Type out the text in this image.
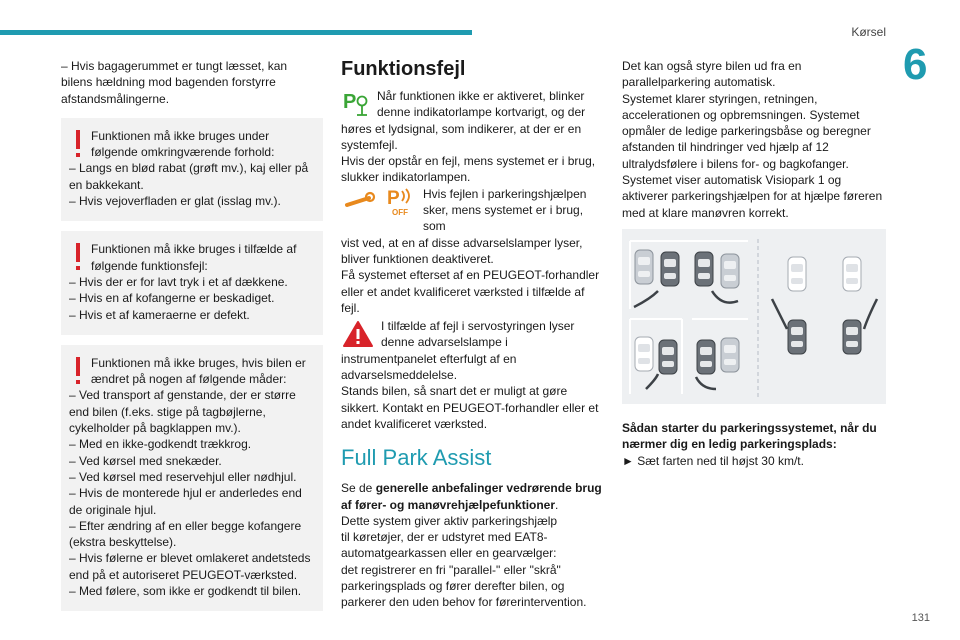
Kørsel
6
131

– Hvis bagagerummet er tungt læsset, kan

bilens hældning mod bagenden forstyrre

afstandsmålingerne.

Funktionen må ikke bruges under

følgende omkringværende forhold:

– Langs en blød rabat (grøft mv.), kaj eller på

en bakkekant.

– Hvis vejoverfladen er glat (isslag mv.).

Funktionen må ikke bruges i tilfælde af

følgende funktionsfejl:

– Hvis der er for lavt tryk i et af dækkene.

– Hvis en af kofangerne er beskadiget.

– Hvis et af kameraerne er defekt.

Funktionen må ikke bruges, hvis bilen er

ændret på nogen af følgende måder:

– Ved transport af genstande, der er større

end bilen (f.eks. stige på tagbøjlerne,

cykelholder på bagklappen mv.).

– Med en ikke-godkendt trækkrog.

– Ved kørsel med snekæder.

– Ved kørsel med reservehjul eller nødhjul.

– Hvis de monterede hjul er anderledes end

de originale hjul.

– Efter ændring af en eller begge kofangere

(ekstra beskyttelse).

– Hvis følerne er blevet omlakeret andetsteds

end på et autoriseret PEUGEOT-værksted.

– Med følere, som ikke er godkendt til bilen.

Funktionsfejl
P Når funktionen ikke er aktiveret, blinker

denne indikatorlampe kortvarigt, og der

høres et lydsignal, som indikerer, at der er en

systemfejl.

Hvis der opstår en fejl, mens systemet er i brug,

slukker indikatorlampen.

P
OFF

Hvis fejlen i parkeringshjælpen

sker, mens systemet er i brug, som

vist ved, at en af disse advarselslamper lyser,

bliver funktionen deaktiveret.

Få systemet efterset af en PEUGEOT-forhandler

eller et andet kvalificeret værksted i tilfælde af

fejl.

I tilfælde af fejl i servostyringen lyser

denne advarselslampe i

instrumentpanelet efterfulgt af en

advarselsmeddelelse.

Stands bilen, så snart det er muligt at gøre

sikkert. Kontakt en PEUGEOT-forhandler eller et

andet kvalificeret værksted.

Full Park Assist

Se de generelle anbefalinger vedrørende brug

af fører- og manøvrehjælpefunktioner.

Dette system giver aktiv parkeringshjælp

til køretøjer, der er udstyret med EAT8-

automatgearkassen eller en gearvælger:

det registrerer en fri "parallel-" eller "skrå"

parkeringsplads og fører derefter bilen, og

parkerer den uden behov for førerintervention.

Det kan også styre bilen ud fra en

parallelparkering automatisk.

Systemet klarer styringen, retningen,

accelerationen og opbremsningen. Systemet

opmåler de ledige parkeringsbåse og beregner

afstanden til hindringer ved hjælp af 12

ultralydsfølere i bilens for- og bagkofanger.

Systemet viser automatisk Visiopark 1 og

aktiverer parkeringshjælpen for at hjælpe føreren

med at klare manøvren korrekt.

Sådan starter du parkeringssystemet, når du

nærmer dig en ledig parkeringsplads:

► Sæt farten ned til højst 30 km/t.
